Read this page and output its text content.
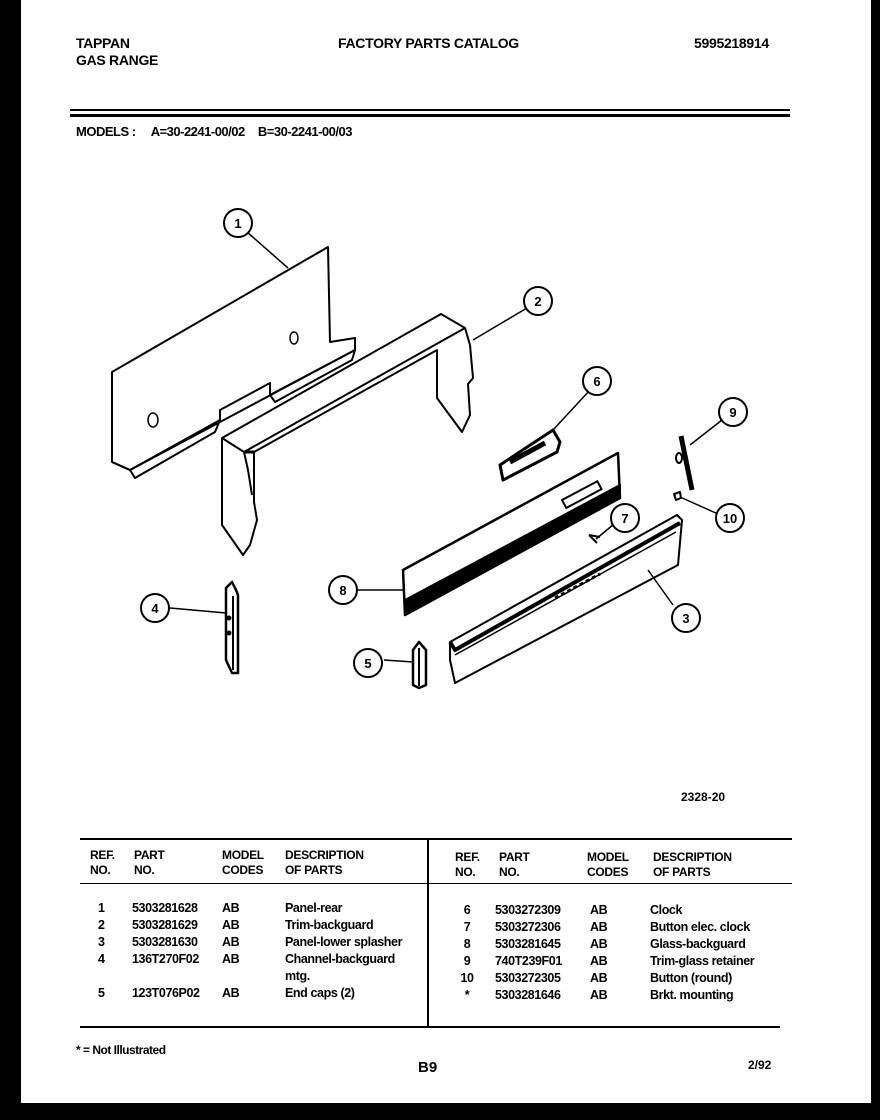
TAPPAN
GAS RANGE
FACTORY PARTS CATALOG	5995218914
MODELS : A=30-2241-00/02 B=30-2241-00/03
1
2
6
9
10
7
8
3
4
5
2328-20
REF.
NO.
PART
NO.
MODEL
CODES
DESCRIPTION
OF PARTS
REF.
NO.
PART
NO.
MODEL
CODES
DESCRIPTION
OF PARTS
1
2
3
4
5
5303281628
5303281629
5303281630
136T270F02
123T076P02
AB
AB
AB
AB
AB
Panel-rear
Trim-backguard
Panel-lower splasher
Channel-backguard
mtg.
End caps (2)
6
7
8
9
10
*
5303272309
5303272306
5303281645
740T239F01
5303272305
5303281646
AB
AB
AB
AB
AB
AB
Clock
Button elec. clock
Glass-backguard
Trim-glass retainer
Button (round)
Brkt. mounting
* = Not Illustrated
B9	2/92
